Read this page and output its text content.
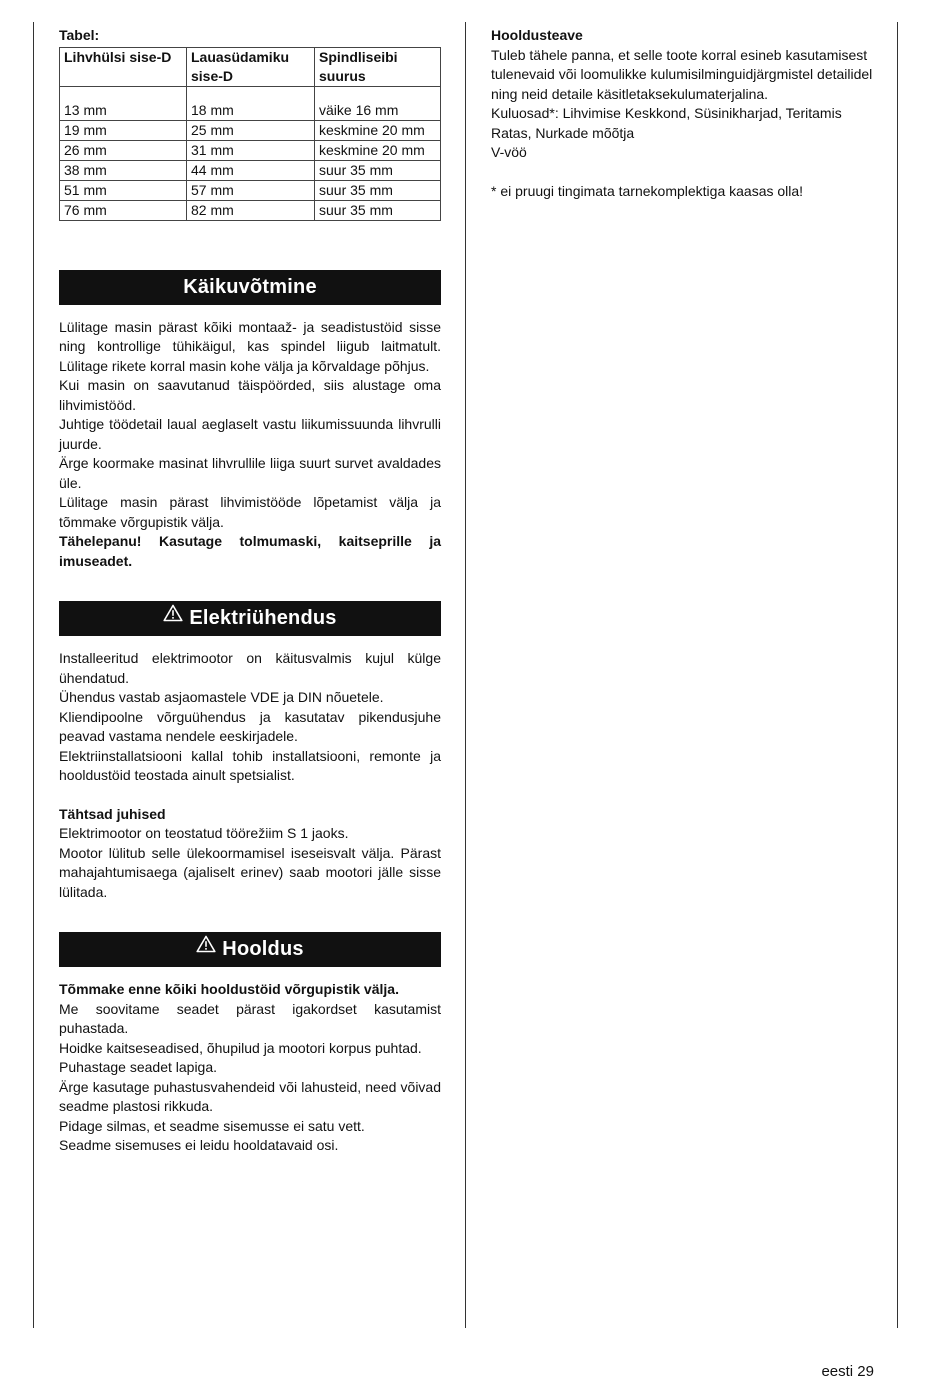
Tabel:
Lihvhülsi sise-D	Lauasüdamiku sise-D	Spindliseibi suurus

13 mm	18 mm	väike 16 mm
19 mm	25 mm	keskmine 20 mm
26 mm	31 mm	keskmine 20 mm
38 mm	44 mm	suur 35 mm
51 mm	57 mm	suur 35 mm
76 mm	82 mm	suur 35 mm
Käikuvõtmine

Lülitage masin pärast kõiki montaaž- ja seadistustöid sisse ning kontrollige tühikäigul, kas spindel liigub laitmatult. Lülitage rikete korral masin kohe välja ja kõrvaldage põhjus.

Kui masin on saavutanud täispöörded, siis alustage oma lihvimistööd.

Juhtige töödetail laual aeglaselt vastu liikumissuunda lihvrulli juurde.

Ärge koormake masinat lihvrullile liiga suurt survet avaldades üle.

Lülitage masin pärast lihvimistööde lõpetamist välja ja tõmmake võrgupistik välja.

Tähelepanu! Kasutage tolmumaski, kaitseprille ja imuseadet.

Elektriühendus

Installeeritud elektrimootor on käitusvalmis kujul külge ühendatud.

Ühendus vastab asjaomastele VDE ja DIN nõuetele.

Kliendipoolne võrguühendus ja kasutatav pikendusjuhe peavad vastama nendele eeskirjadele.

Elektriinstallatsiooni kallal tohib installatsiooni, remonte ja hooldustöid teostada ainult spetsialist.

Tähtsad juhised

Elektrimootor on teostatud töörežiim S 1 jaoks.

Mootor lülitub selle ülekoormamisel iseseisvalt välja. Pärast mahajahtumisaega (ajaliselt erinev) saab mootori jälle sisse lülitada.

Hooldus

Tõmmake enne kõiki hooldustöid võrgupistik välja.

Me soovitame seadet pärast igakordset kasutamist puhastada.

Hoidke kaitseseadised, õhupilud ja mootori korpus puhtad.

Puhastage seadet lapiga.

Ärge kasutage puhastusvahendeid või lahusteid, need võivad seadme plastosi rikkuda.

Pidage silmas, et seadme sisemusse ei satu vett.

Seadme sisemuses ei leidu hooldatavaid osi.

Hooldusteave

Tuleb tähele panna, et selle toote korral esineb kasutamisest tulenevaid või loomulikke kulumisilminguidjärgmistel detailidel ning neid detaile käsitletaksekulumaterjalina.

Kuluosad*: Lihvimise Keskkond, Süsinikharjad, Teritamis Ratas, Nurkade mõõtja

V-vöö

* ei pruugi tingimata tarnekomplektiga kaasas olla!

eesti 29
